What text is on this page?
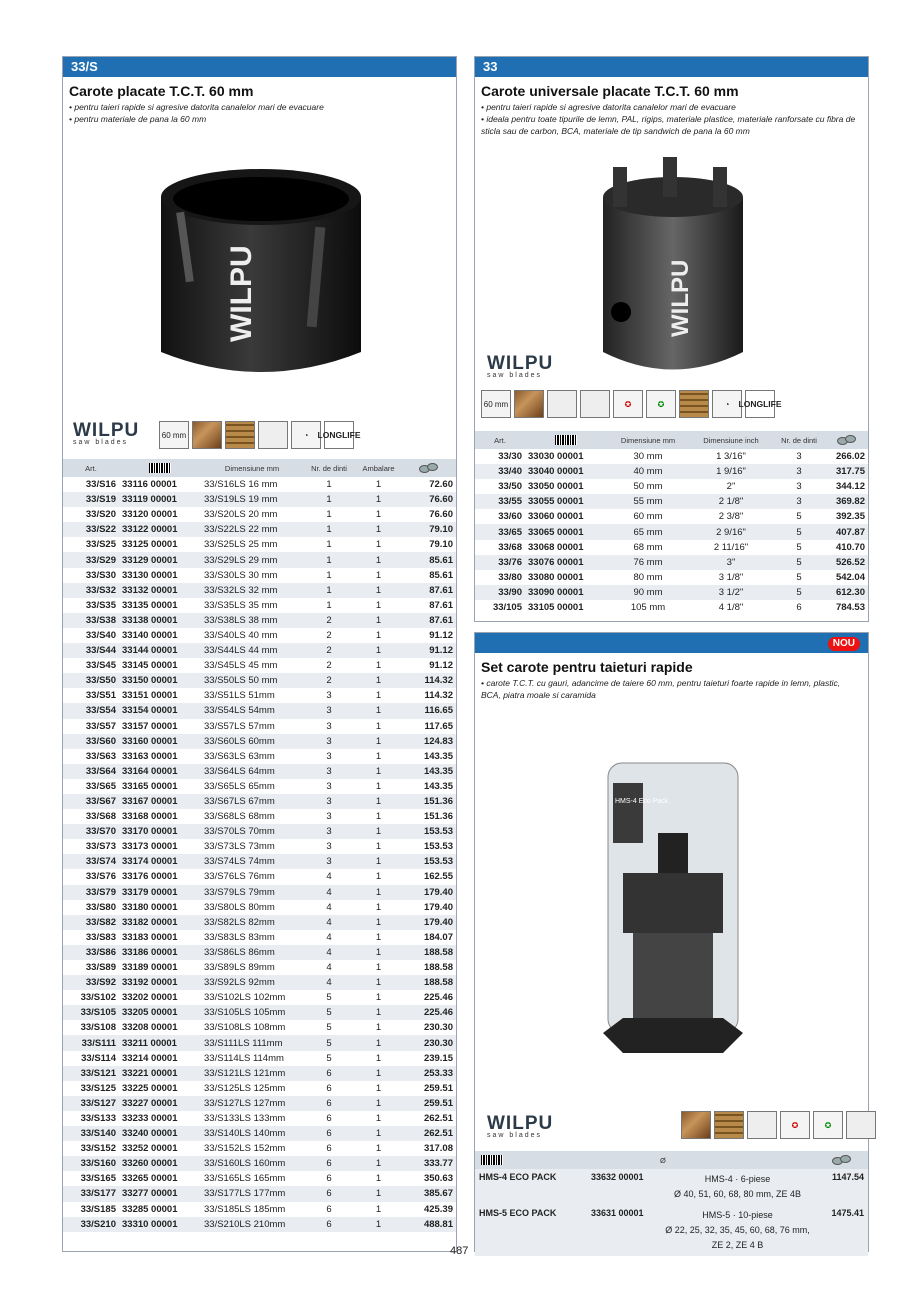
33/S
Carote placate T.C.T. 60 mm
• pentru taieri rapide si agresive datorita canalelor mari de evacuare
• pentru materiale de pana la 60 mm
WILPU
WILPU
saw blades
60 mm	◔	LONG LIFE
Art.		Dimensiune mm	Nr. de dinti	Ambalare	

33/S16	33116 00001	33/S16LS 16 mm	1	1	72.60
33/S19	33119 00001	33/S19LS 19 mm	1	1	76.60
33/S20	33120 00001	33/S20LS 20 mm	1	1	76.60
33/S22	33122 00001	33/S22LS 22 mm	1	1	79.10
33/S25	33125 00001	33/S25LS 25 mm	1	1	79.10
33/S29	33129 00001	33/S29LS 29 mm	1	1	85.61
33/S30	33130 00001	33/S30LS 30 mm	1	1	85.61
33/S32	33132 00001	33/S32LS 32 mm	1	1	87.61
33/S35	33135 00001	33/S35LS 35 mm	1	1	87.61
33/S38	33138 00001	33/S38LS 38 mm	2	1	87.61
33/S40	33140 00001	33/S40LS 40 mm	2	1	91.12
33/S44	33144 00001	33/S44LS 44 mm	2	1	91.12
33/S45	33145 00001	33/S45LS 45 mm	2	1	91.12
33/S50	33150 00001	33/S50LS 50 mm	2	1	114.32
33/S51	33151 00001	33/S51LS 51mm	3	1	114.32
33/S54	33154 00001	33/S54LS 54mm	3	1	116.65
33/S57	33157 00001	33/S57LS 57mm	3	1	117.65
33/S60	33160 00001	33/S60LS 60mm	3	1	124.83
33/S63	33163 00001	33/S63LS 63mm	3	1	143.35
33/S64	33164 00001	33/S64LS 64mm	3	1	143.35
33/S65	33165 00001	33/S65LS 65mm	3	1	143.35
33/S67	33167 00001	33/S67LS 67mm	3	1	151.36
33/S68	33168 00001	33/S68LS 68mm	3	1	151.36
33/S70	33170 00001	33/S70LS 70mm	3	1	153.53
33/S73	33173 00001	33/S73LS 73mm	3	1	153.53
33/S74	33174 00001	33/S74LS 74mm	3	1	153.53
33/S76	33176 00001	33/S76LS 76mm	4	1	162.55
33/S79	33179 00001	33/S79LS 79mm	4	1	179.40
33/S80	33180 00001	33/S80LS 80mm	4	1	179.40
33/S82	33182 00001	33/S82LS 82mm	4	1	179.40
33/S83	33183 00001	33/S83LS 83mm	4	1	184.07
33/S86	33186 00001	33/S86LS 86mm	4	1	188.58
33/S89	33189 00001	33/S89LS 89mm	4	1	188.58
33/S92	33192 00001	33/S92LS 92mm	4	1	188.58
33/S102	33202 00001	33/S102LS 102mm	5	1	225.46
33/S105	33205 00001	33/S105LS 105mm	5	1	225.46
33/S108	33208 00001	33/S108LS 108mm	5	1	230.30
33/S111	33211 00001	33/S111LS 111mm	5	1	230.30
33/S114	33214 00001	33/S114LS 114mm	5	1	239.15
33/S121	33221 00001	33/S121LS 121mm	6	1	253.33
33/S125	33225 00001	33/S125LS 125mm	6	1	259.51
33/S127	33227 00001	33/S127LS 127mm	6	1	259.51
33/S133	33233 00001	33/S133LS 133mm	6	1	262.51
33/S140	33240 00001	33/S140LS 140mm	6	1	262.51
33/S152	33252 00001	33/S152LS 152mm	6	1	317.08
33/S160	33260 00001	33/S160LS 160mm	6	1	333.77
33/S165	33265 00001	33/S165LS 165mm	6	1	350.63
33/S177	33277 00001	33/S177LS 177mm	6	1	385.67
33/S185	33285 00001	33/S185LS 185mm	6	1	425.39
33/S210	33310 00001	33/S210LS 210mm	6	1	488.81
33
Carote universale placate T.C.T. 60 mm
• pentru taieri rapide si agresive datorita canalelor mari de evacuare
• ideala pentru toate tipurile de lemn, PAL, rigips, materiale plastice, materiale ranforsate cu fibra de sticla sau de carbon, BCA, materiale de tip sandwich de pana la 60 mm
WILPU
WILPU
saw blades
60 mm	✪	✪	◔	LONG LIFE
Art.		Dimensiune mm	Dimensiune inch	Nr. de dinti	

33/30	33030 00001	30 mm	1 3/16"	3	266.02
33/40	33040 00001	40 mm	1 9/16"	3	317.75
33/50	33050 00001	50 mm	2"	3	344.12
33/55	33055 00001	55 mm	2 1/8"	3	369.82
33/60	33060 00001	60 mm	2 3/8"	5	392.35
33/65	33065 00001	65 mm	2 9/16"	5	407.87
33/68	33068 00001	68 mm	2 11/16"	5	410.70
33/76	33076 00001	76 mm	3"	5	526.52
33/80	33080 00001	80 mm	3 1/8"	5	542.04
33/90	33090 00001	90 mm	3 1/2"	5	612.30
33/105	33105 00001	105 mm	4 1/8"	6	784.53
NOU

Set carote pentru taieturi rapide
• carote T.C.T. cu gauri, adancime de taiere 60 mm, pentru taieturi foarte rapide in lemn, plastic, BCA, piatra moale si caramida
HMS-4 Eco Pack
WILPU
saw blades
✪	✪
		Ø	

HMS-4 ECO PACK	33632 00001	HMS-4 · 6-piese
Ø 40, 51, 60, 68, 80 mm, ZE 4B	1147.54
HMS-5 ECO PACK	33631 00001	HMS-5 · 10-piese
Ø 22, 25, 32, 35, 45, 60, 68, 76 mm,
ZE 2, ZE 4 B	1475.41
487
